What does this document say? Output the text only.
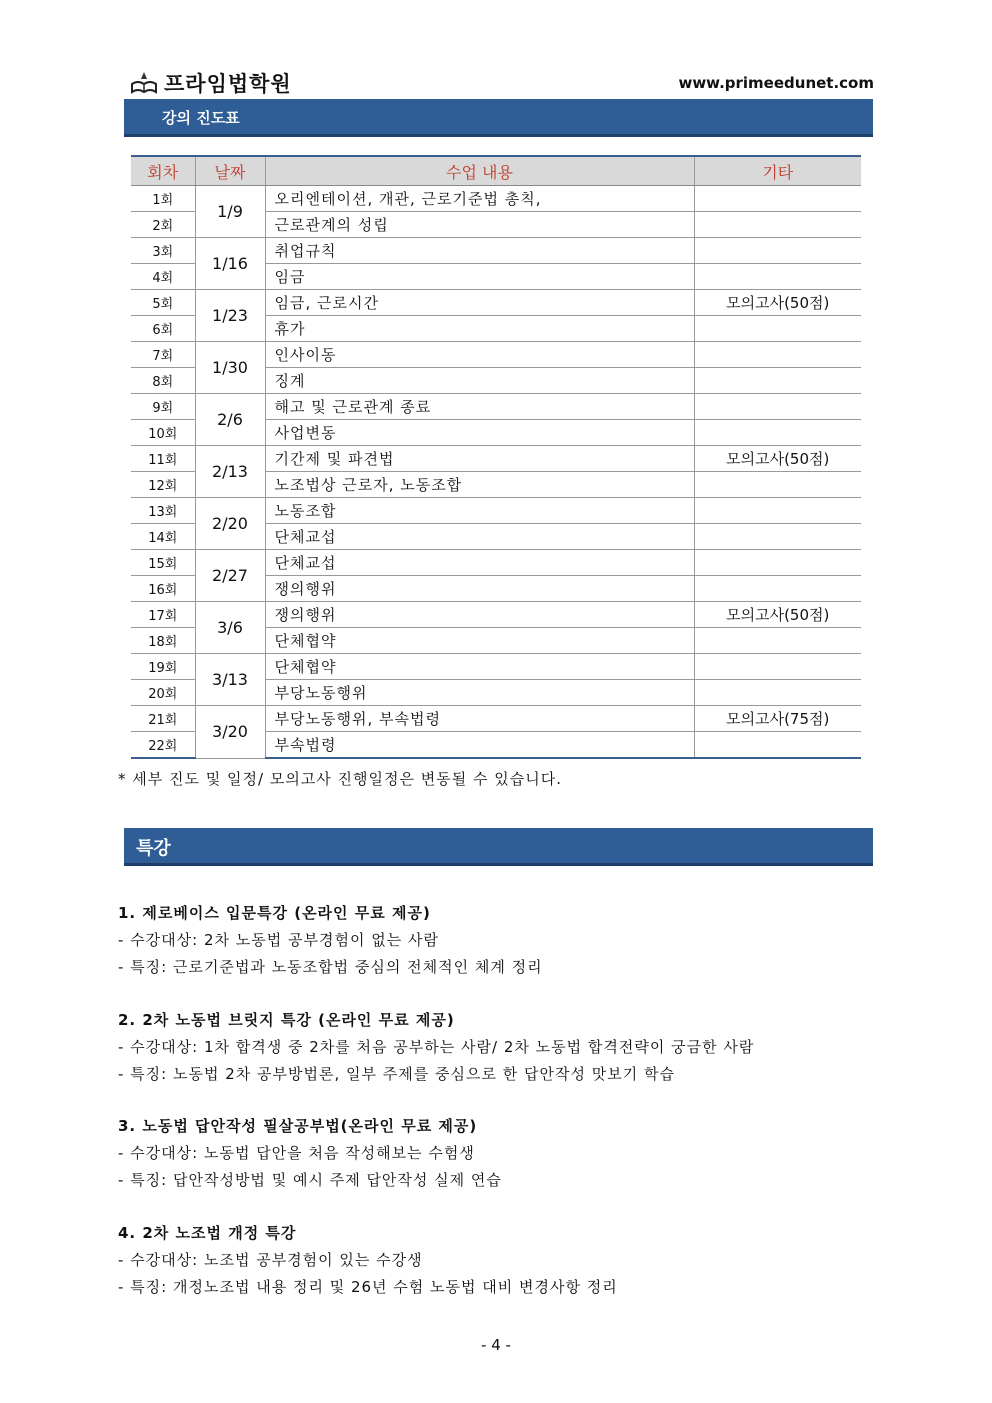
프라임법학원	www.primeedunet.com
강의 진도표
회차	날짜	수업 내용	기타
1회	1/9	오리엔테이션, 개관, 근로기준법 총칙,	
2회		근로관계의 성립	
3회	1/16	취업규칙	
4회		임금	
5회	1/23	임금, 근로시간	모의고사(50점)
6회		휴가	
7회	1/30	인사이동	
8회		징계	
9회	2/6	해고 및 근로관계 종료	
10회		사업변동	
11회	2/13	기간제 및 파견법	모의고사(50점)
12회		노조법상 근로자, 노동조합	
13회	2/20	노동조합	
14회		단체교섭	
15회	2/27	단체교섭	
16회		쟁의행위	
17회	3/6	쟁의행위	모의고사(50점)
18회		단체협약	
19회	3/13	단체협약	
20회		부당노동행위	
21회	3/20	부당노동행위, 부속법령	모의고사(75점)
22회		부속법령	
* 세부 진도 및 일정/ 모의고사 진행일정은 변동될 수 있습니다.
특강
1. 제로베이스 입문특강 (온라인 무료 제공)
- 수강대상: 2차 노동법 공부경험이 없는 사람
- 특징: 근로기준법과 노동조합법 중심의 전체적인 체계 정리
2. 2차 노동법 브릿지 특강 (온라인 무료 제공)
- 수강대상: 1차 합격생 중 2차를 처음 공부하는 사람/ 2차 노동법 합격전략이 궁금한 사람
- 특징: 노동법 2차 공부방법론, 일부 주제를 중심으로 한 답안작성 맛보기 학습
3. 노동법 답안작성 필살공부법(온라인 무료 제공)
- 수강대상: 노동법 답안을 처음 작성해보는 수험생
- 특징: 답안작성방법 및 예시 주제 답안작성 실제 연습
4. 2차 노조법 개정 특강
- 수강대상: 노조법 공부경험이 있는 수강생
- 특징: 개정노조법 내용 정리 및 26년 수험 노동법 대비 변경사항 정리
- 4 -
